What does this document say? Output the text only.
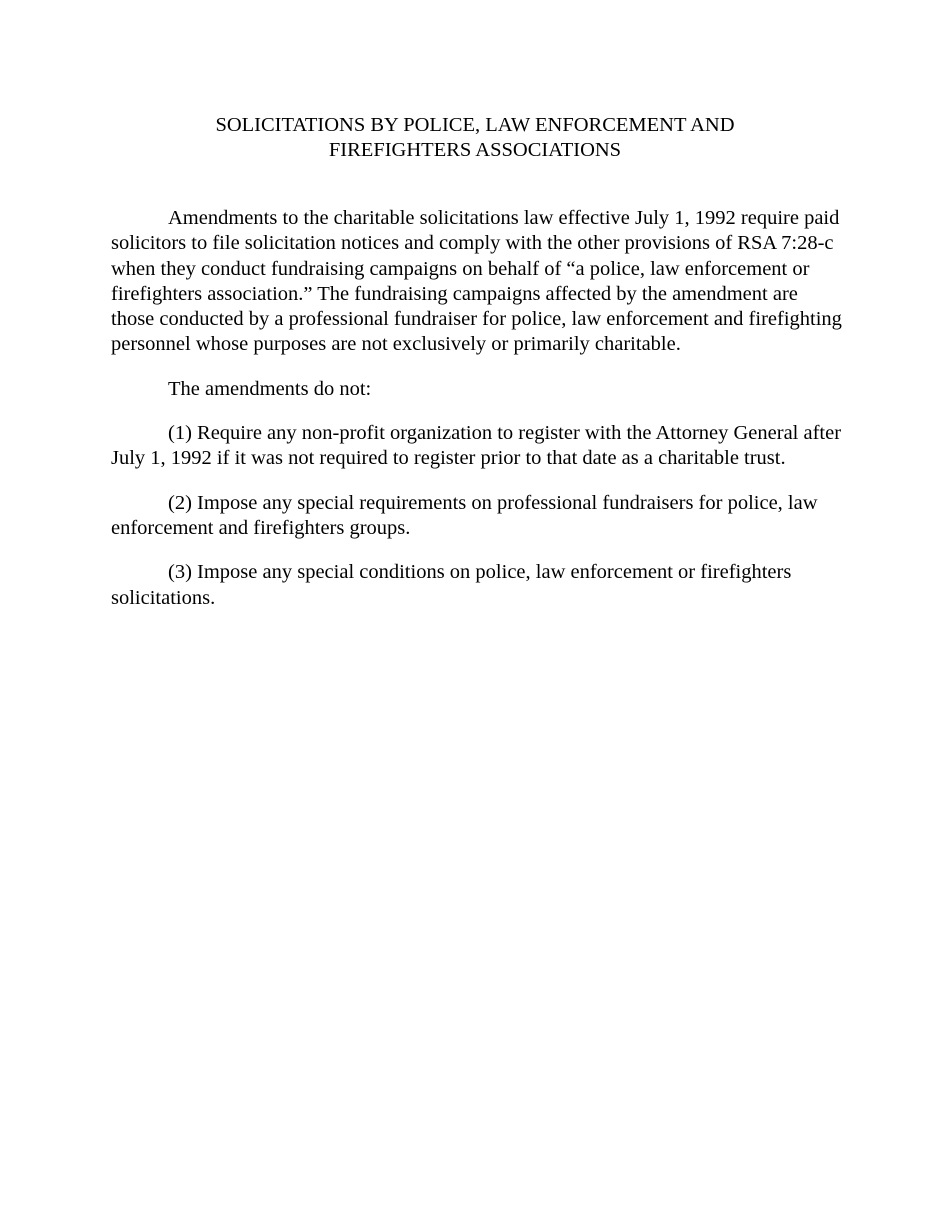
SOLICITATIONS BY POLICE, LAW ENFORCEMENT AND
FIREFIGHTERS ASSOCIATIONS

Amendments to the charitable solicitations law effective July 1, 1992 require paid solicitors to file solicitation notices and comply with the other provisions of RSA 7:28-c when they conduct fundraising campaigns on behalf of “a police, law enforcement or firefighters association.” The fundraising campaigns affected by the amendment are those conducted by a professional fundraiser for police, law enforcement and firefighting personnel whose purposes are not exclusively or primarily charitable.

The amendments do not:

(1) Require any non-profit organization to register with the Attorney General after July 1, 1992 if it was not required to register prior to that date as a charitable trust.

(2) Impose any special requirements on professional fundraisers for police, law enforcement and firefighters groups.

(3) Impose any special conditions on police, law enforcement or firefighters solicitations.
